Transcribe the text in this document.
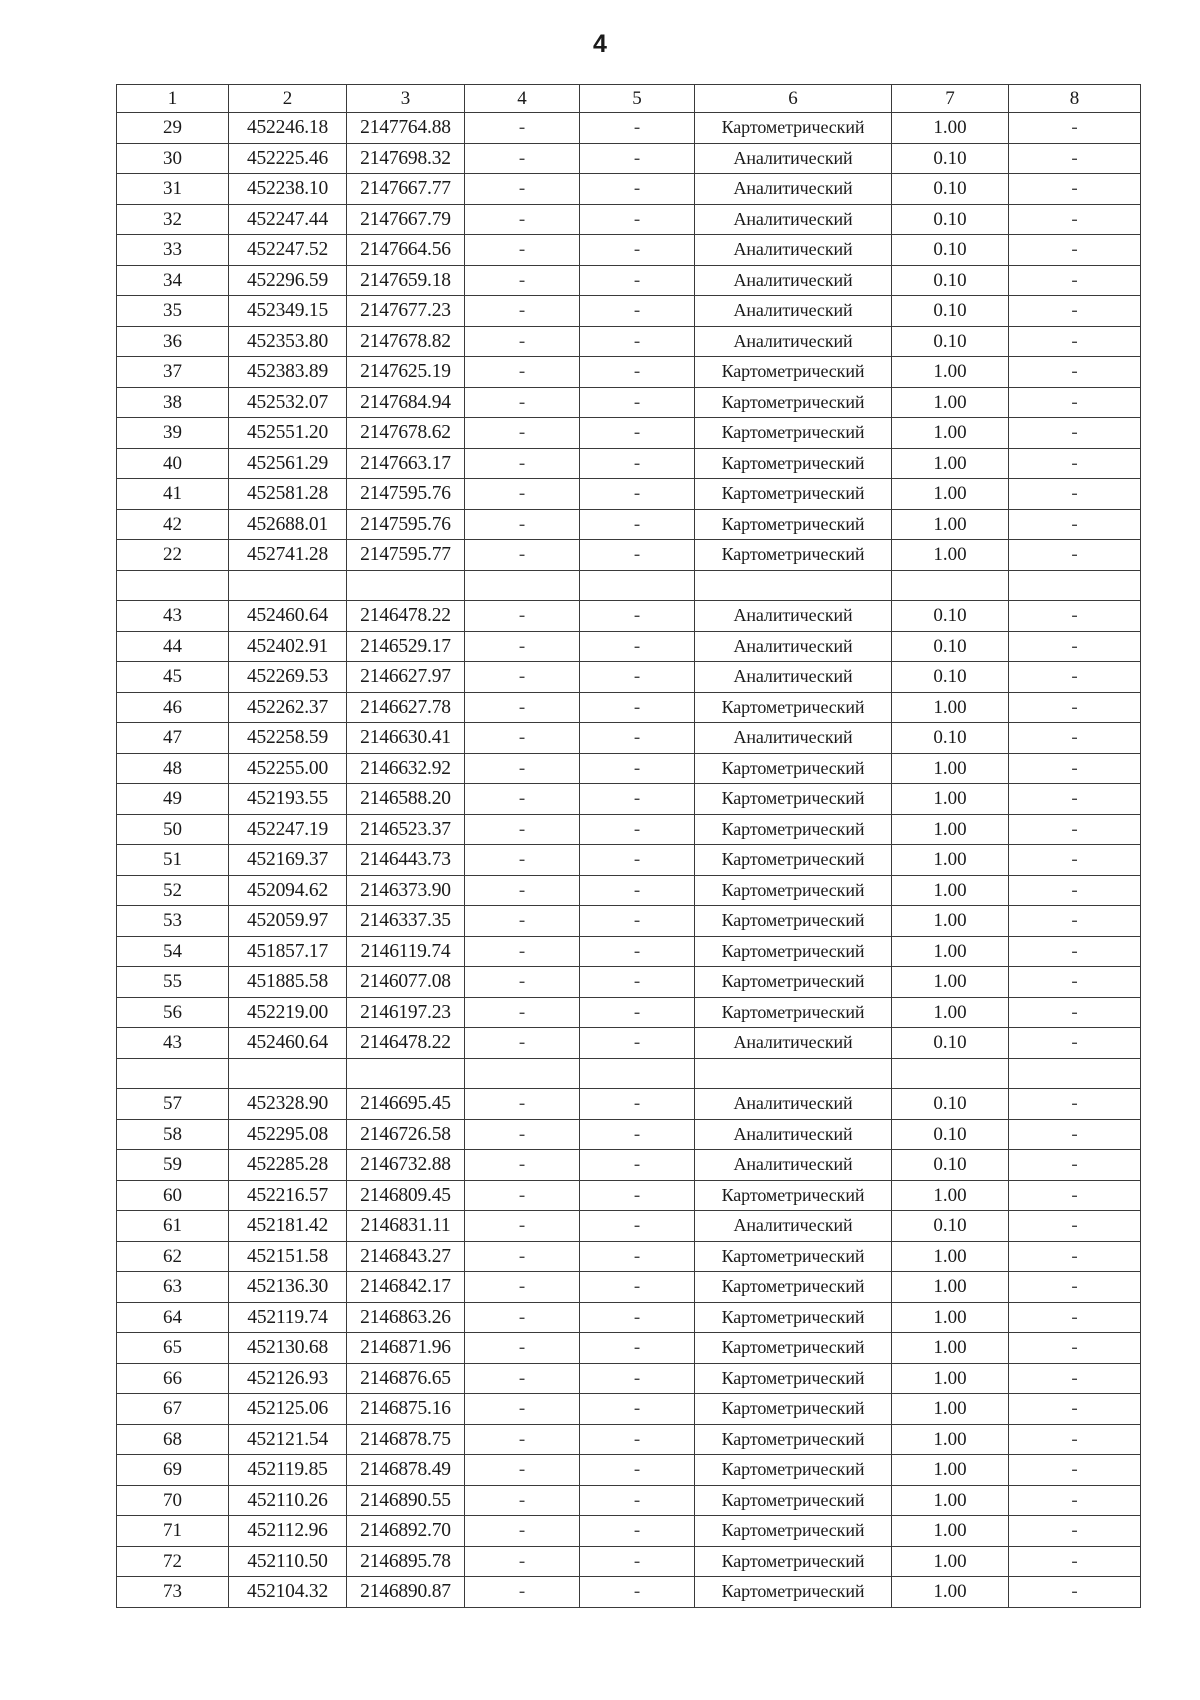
4
1	2	3	4	5	6	7	8
29	452246.18	2147764.88	-	-	Картометрический	1.00	-
30	452225.46	2147698.32	-	-	Аналитический	0.10	-
31	452238.10	2147667.77	-	-	Аналитический	0.10	-
32	452247.44	2147667.79	-	-	Аналитический	0.10	-
33	452247.52	2147664.56	-	-	Аналитический	0.10	-
34	452296.59	2147659.18	-	-	Аналитический	0.10	-
35	452349.15	2147677.23	-	-	Аналитический	0.10	-
36	452353.80	2147678.82	-	-	Аналитический	0.10	-
37	452383.89	2147625.19	-	-	Картометрический	1.00	-
38	452532.07	2147684.94	-	-	Картометрический	1.00	-
39	452551.20	2147678.62	-	-	Картометрический	1.00	-
40	452561.29	2147663.17	-	-	Картометрический	1.00	-
41	452581.28	2147595.76	-	-	Картометрический	1.00	-
42	452688.01	2147595.76	-	-	Картометрический	1.00	-
22	452741.28	2147595.77	-	-	Картометрический	1.00	-

43	452460.64	2146478.22	-	-	Аналитический	0.10	-
44	452402.91	2146529.17	-	-	Аналитический	0.10	-
45	452269.53	2146627.97	-	-	Аналитический	0.10	-
46	452262.37	2146627.78	-	-	Картометрический	1.00	-
47	452258.59	2146630.41	-	-	Аналитический	0.10	-
48	452255.00	2146632.92	-	-	Картометрический	1.00	-
49	452193.55	2146588.20	-	-	Картометрический	1.00	-
50	452247.19	2146523.37	-	-	Картометрический	1.00	-
51	452169.37	2146443.73	-	-	Картометрический	1.00	-
52	452094.62	2146373.90	-	-	Картометрический	1.00	-
53	452059.97	2146337.35	-	-	Картометрический	1.00	-
54	451857.17	2146119.74	-	-	Картометрический	1.00	-
55	451885.58	2146077.08	-	-	Картометрический	1.00	-
56	452219.00	2146197.23	-	-	Картометрический	1.00	-
43	452460.64	2146478.22	-	-	Аналитический	0.10	-

57	452328.90	2146695.45	-	-	Аналитический	0.10	-
58	452295.08	2146726.58	-	-	Аналитический	0.10	-
59	452285.28	2146732.88	-	-	Аналитический	0.10	-
60	452216.57	2146809.45	-	-	Картометрический	1.00	-
61	452181.42	2146831.11	-	-	Аналитический	0.10	-
62	452151.58	2146843.27	-	-	Картометрический	1.00	-
63	452136.30	2146842.17	-	-	Картометрический	1.00	-
64	452119.74	2146863.26	-	-	Картометрический	1.00	-
65	452130.68	2146871.96	-	-	Картометрический	1.00	-
66	452126.93	2146876.65	-	-	Картометрический	1.00	-
67	452125.06	2146875.16	-	-	Картометрический	1.00	-
68	452121.54	2146878.75	-	-	Картометрический	1.00	-
69	452119.85	2146878.49	-	-	Картометрический	1.00	-
70	452110.26	2146890.55	-	-	Картометрический	1.00	-
71	452112.96	2146892.70	-	-	Картометрический	1.00	-
72	452110.50	2146895.78	-	-	Картометрический	1.00	-
73	452104.32	2146890.87	-	-	Картометрический	1.00	-
